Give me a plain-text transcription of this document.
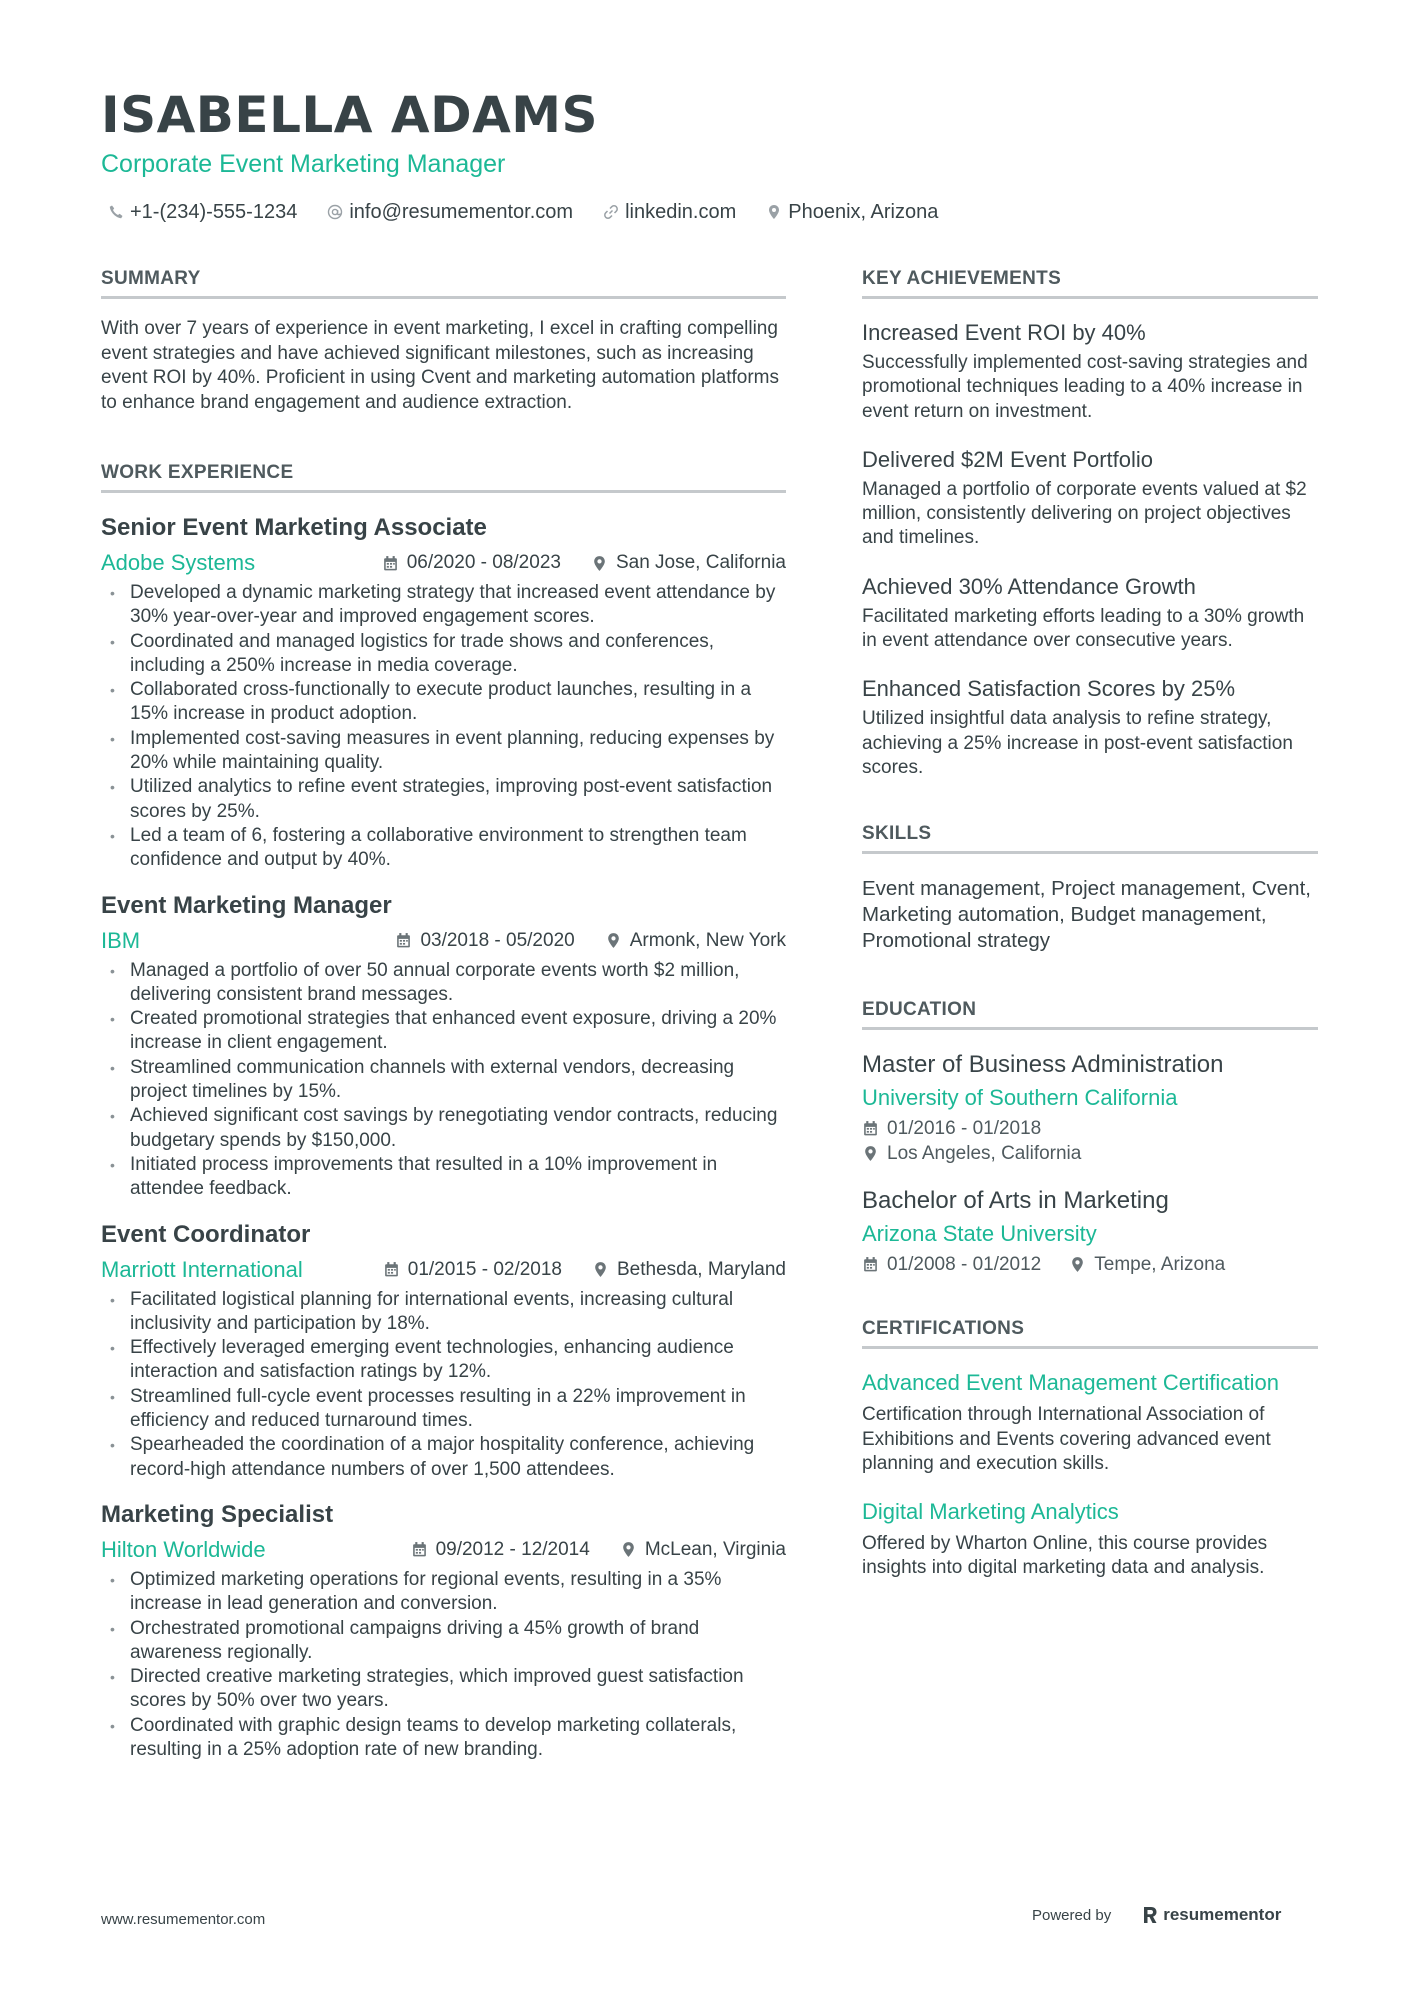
ISABELLA ADAMS

Corporate Event Marketing Manager

+1-(234)-555-1234	info@resumementor.com	linkedin.com	Phoenix, Arizona
SUMMARY

With over 7 years of experience in event marketing, I excel in crafting compelling event strategies and have achieved significant milestones, such as increasing event ROI by 40%. Proficient in using Cvent and marketing automation platforms to enhance brand engagement and audience extraction.

WORK EXPERIENCE
Senior Event Marketing Associate
Adobe Systems	06/2020 - 08/2023	San Jose, California
• Developed a dynamic marketing strategy that increased event attendance by 30% year-over-year and improved engagement scores.
• Coordinated and managed logistics for trade shows and conferences, including a 250% increase in media coverage.
• Collaborated cross-functionally to execute product launches, resulting in a 15% increase in product adoption.
• Implemented cost-saving measures in event planning, reducing expenses by 20% while maintaining quality.
• Utilized analytics to refine event strategies, improving post-event satisfaction scores by 25%.
• Led a team of 6, fostering a collaborative environment to strengthen team confidence and output by 40%.
Event Marketing Manager
IBM	03/2018 - 05/2020	Armonk, New York
• Managed a portfolio of over 50 annual corporate events worth $2 million, delivering consistent brand messages.
• Created promotional strategies that enhanced event exposure, driving a 20% increase in client engagement.
• Streamlined communication channels with external vendors, decreasing project timelines by 15%.
• Achieved significant cost savings by renegotiating vendor contracts, reducing budgetary spends by $150,000.
• Initiated process improvements that resulted in a 10% improvement in attendee feedback.
Event Coordinator
Marriott International	01/2015 - 02/2018	Bethesda, Maryland
• Facilitated logistical planning for international events, increasing cultural inclusivity and participation by 18%.
• Effectively leveraged emerging event technologies, enhancing audience interaction and satisfaction ratings by 12%.
• Streamlined full-cycle event processes resulting in a 22% improvement in efficiency and reduced turnaround times.
• Spearheaded the coordination of a major hospitality conference, achieving record-high attendance numbers of over 1,500 attendees.
Marketing Specialist
Hilton Worldwide	09/2012 - 12/2014	McLean, Virginia
• Optimized marketing operations for regional events, resulting in a 35% increase in lead generation and conversion.
• Orchestrated promotional campaigns driving a 45% growth of brand awareness regionally.
• Directed creative marketing strategies, which improved guest satisfaction scores by 50% over two years.
• Coordinated with graphic design teams to develop marketing collaterals, resulting in a 25% adoption rate of new branding.
KEY ACHIEVEMENTS

Increased Event ROI by 40%

Successfully implemented cost-saving strategies and promotional techniques leading to a 40% increase in event return on investment.

Delivered $2M Event Portfolio

Managed a portfolio of corporate events valued at $2 million, consistently delivering on project objectives and timelines.

Achieved 30% Attendance Growth

Facilitated marketing efforts leading to a 30% growth in event attendance over consecutive years.

Enhanced Satisfaction Scores by 25%

Utilized insightful data analysis to refine strategy, achieving a 25% increase in post-event satisfaction scores.

SKILLS

Event management, Project management, Cvent, Marketing automation, Budget management, Promotional strategy

EDUCATION

Master of Business Administration

University of Southern California

01/2016 - 01/2018
Los Angeles, California

Bachelor of Arts in Marketing

Arizona State University

01/2008 - 01/2012	Tempe, Arizona
CERTIFICATIONS

Advanced Event Management Certification

Certification through International Association of Exhibitions and Events covering advanced event planning and execution skills.

Digital Marketing Analytics

Offered by Wharton Online, this course provides insights into digital marketing data and analysis.

www.resumementor.com	Powered by	resumementor
